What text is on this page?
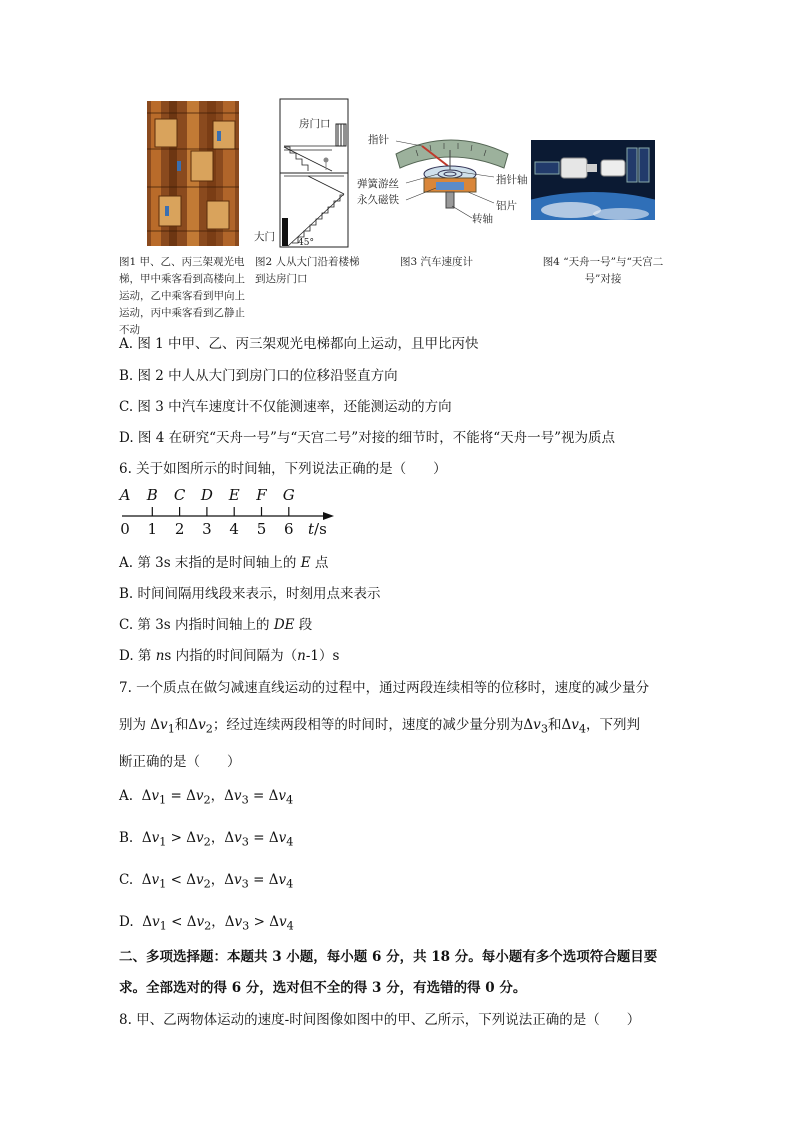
图1 甲、乙、丙三架观光电梯，甲中乘客看到高楼向上运动，乙中乘客看到甲向上运动，丙中乘客看到乙静止不动
房门口
大门	45°
图2 人从大门沿着楼梯到达房门口
指针
弹簧游丝
永久磁铁
指针轴
铝片
转轴
图3 汽车速度计	图4 “天舟一号”与“天宫二号”对接
A. 图 1 中甲、乙、丙三架观光电梯都向上运动，且甲比丙快
B. 图 2 中人从大门到房门口的位移沿竖直方向
C. 图 3 中汽车速度计不仅能测速率，还能测运动的方向
D. 图 4 在研究“天舟一号”与“天宫二号”对接的细节时，不能将“天舟一号”视为质点
6. 关于如图所示的时间轴，下列说法正确的是（　　）
A
0
B
1
C
2
D
3
E
4
F
5
G
6 t/s
A. 第 3s 末指的是时间轴上的 E 点
B. 时间间隔用线段来表示，时刻用点来表示
C. 第 3s 内指时间轴上的 DE 段
D. 第 ns 内指的时间间隔为（n-1）s
7. 一个质点在做匀减速直线运动的过程中，通过两段连续相等的位移时，速度的减少量分
别为 $\Delta v_1$和$\Delta v_2$；经过连续两段相等的时间时，速度的减少量分别为$\Delta v_3$和$\Delta v_4$，下列判
断正确的是（　　）
A. $\Delta v_1 = \Delta v_2$，$\Delta v_3 = \Delta v_4$
B. $\Delta v_1 > \Delta v_2$，$\Delta v_3 = \Delta v_4$
C. $\Delta v_1 < \Delta v_2$，$\Delta v_3 = \Delta v_4$
D. $\Delta v_1 < \Delta v_2$，$\Delta v_3 > \Delta v_4$
二、多项选择题：本题共 3 小题，每小题 6 分，共 18 分。每小题有多个选项符合题目要
求。全部选对的得 6 分，选对但不全的得 3 分，有选错的得 0 分。
8. 甲、乙两物体运动的速度-时间图像如图中的甲、乙所示，下列说法正确的是（　　）
